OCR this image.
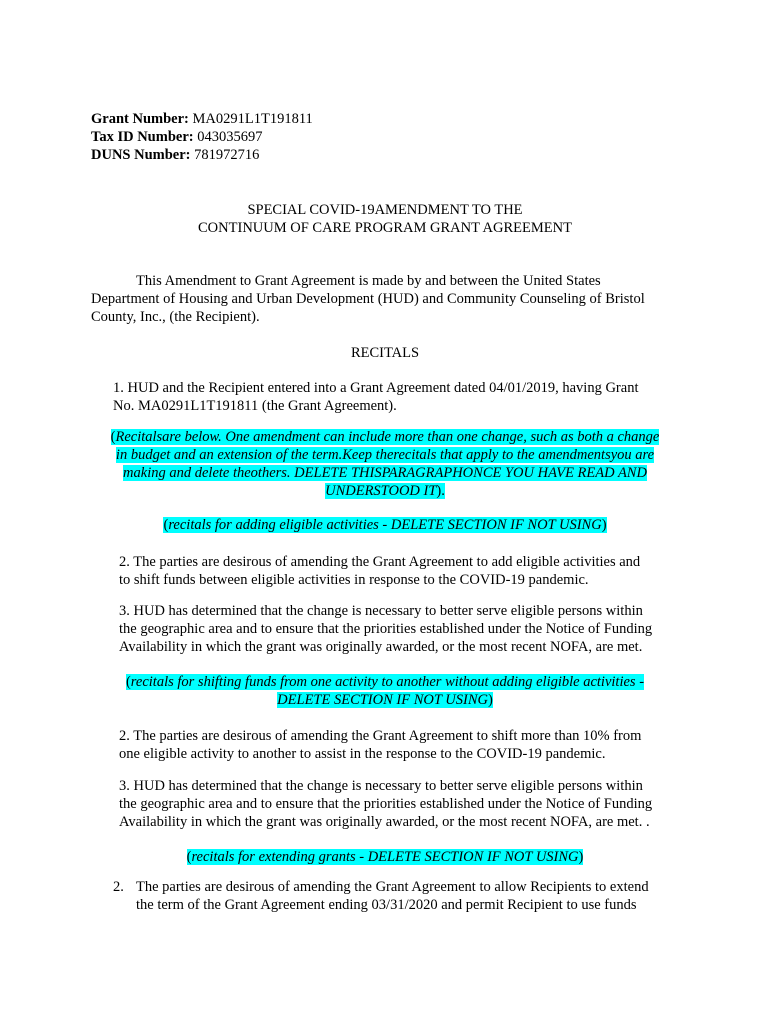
Grant Number: MA0291L1T191811
Tax ID Number: 043035697
DUNS Number: 781972716
SPECIAL COVID-19AMENDMENT TO THE
CONTINUUM OF CARE PROGRAM GRANT AGREEMENT
This Amendment to Grant Agreement is made by and between the United States
Department of Housing and Urban Development (HUD) and Community Counseling of Bristol
County, Inc., (the Recipient).
RECITALS
1. HUD and the Recipient entered into a Grant Agreement dated 04/01/2019, having Grant
No. MA0291L1T191811 (the Grant Agreement).
(Recitalsare below. One amendment can include more than one change, such as both a change
in budget and an extension of the term.Keep therecitals that apply to the amendmentsyou are
making and delete theothers. DELETE THISPARAGRAPHONCE YOU HAVE READ AND
UNDERSTOOD IT).
(recitals for adding eligible activities - DELETE SECTION IF NOT USING)
2. The parties are desirous of amending the Grant Agreement to add eligible activities and
to shift funds between eligible activities in response to the COVID-19 pandemic.
3. HUD has determined that the change is necessary to better serve eligible persons within
the geographic area and to ensure that the priorities established under the Notice of Funding
Availability in which the grant was originally awarded, or the most recent NOFA, are met.
(recitals for shifting funds from one activity to another without adding eligible activities -
DELETE SECTION IF NOT USING)
2. The parties are desirous of amending the Grant Agreement to shift more than 10% from
one eligible activity to another to assist in the response to the COVID-19 pandemic.
3. HUD has determined that the change is necessary to better serve eligible persons within
the geographic area and to ensure that the priorities established under the Notice of Funding
Availability in which the grant was originally awarded, or the most recent NOFA, are met. .
(recitals for extending grants - DELETE SECTION IF NOT USING)
2. The parties are desirous of amending the Grant Agreement to allow Recipients to extend
the term of the Grant Agreement ending 03/31/2020 and permit Recipient to use funds
